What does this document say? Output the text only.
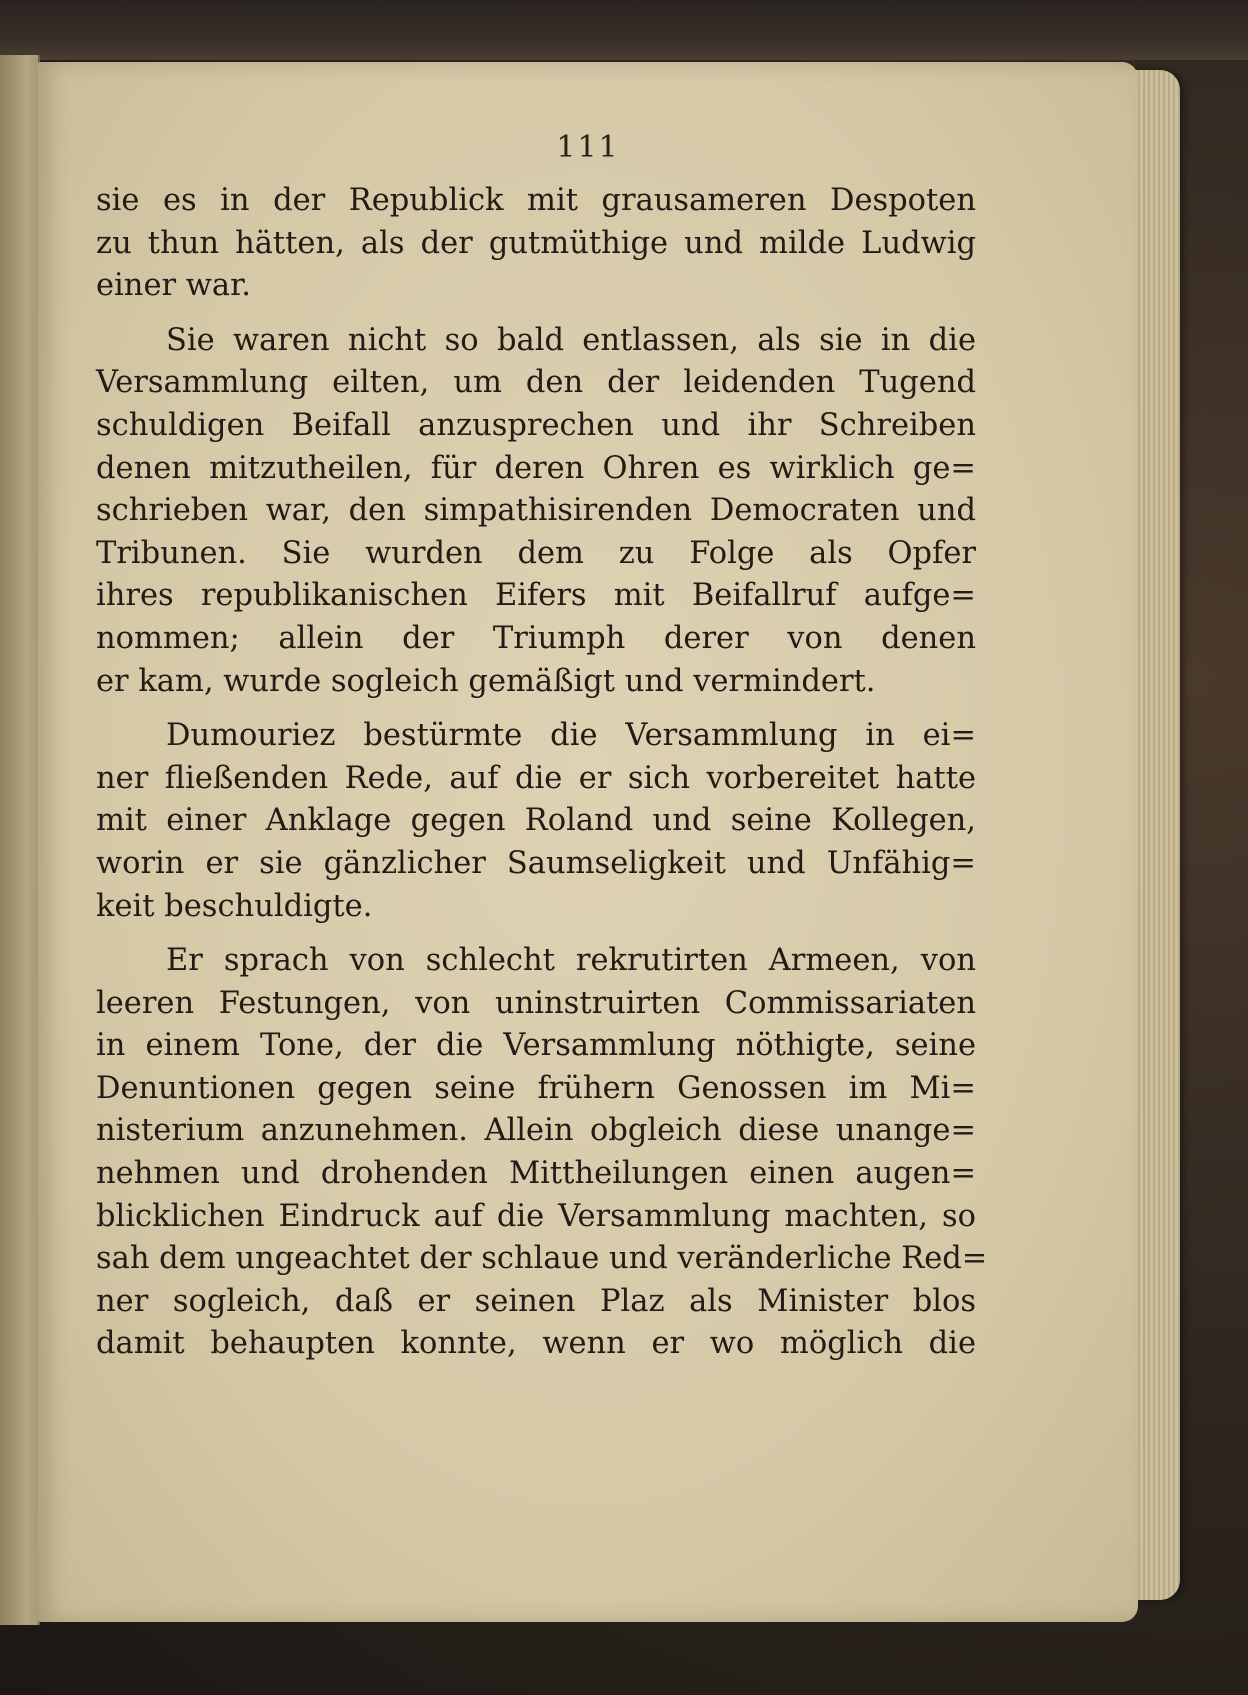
111

sie es in der Republick mit grausameren Despoten
zu thun hätten, als der gutmüthige und milde Ludwig
einer war.

Sie waren nicht so bald entlassen, als sie in die
Versammlung eilten, um den der leidenden Tugend
schuldigen Beifall anzusprechen und ihr Schreiben
denen mitzutheilen, für deren Ohren es wirklich ge=
schrieben war, den simpathisirenden Democraten und
Tribunen. Sie wurden dem zu Folge als Opfer
ihres republikanischen Eifers mit Beifallruf aufge=
nommen; allein der Triumph derer von denen
er kam, wurde sogleich gemäßigt und vermindert.

Dumouriez bestürmte die Versammlung in ei=
ner fließenden Rede, auf die er sich vorbereitet hatte
mit einer Anklage gegen Roland und seine Kollegen,
worin er sie gänzlicher Saumseligkeit und Unfähig=
keit beschuldigte.

Er sprach von schlecht rekrutirten Armeen, von
leeren Festungen, von uninstruirten Commissariaten
in einem Tone, der die Versammlung nöthigte, seine
Denuntionen gegen seine frühern Genossen im Mi=
nisterium anzunehmen. Allein obgleich diese unange=
nehmen und drohenden Mittheilungen einen augen=
blicklichen Eindruck auf die Versammlung machten, so
sah dem ungeachtet der schlaue und veränderliche Red=
ner sogleich, daß er seinen Plaz als Minister blos
damit behaupten konnte, wenn er wo möglich die
